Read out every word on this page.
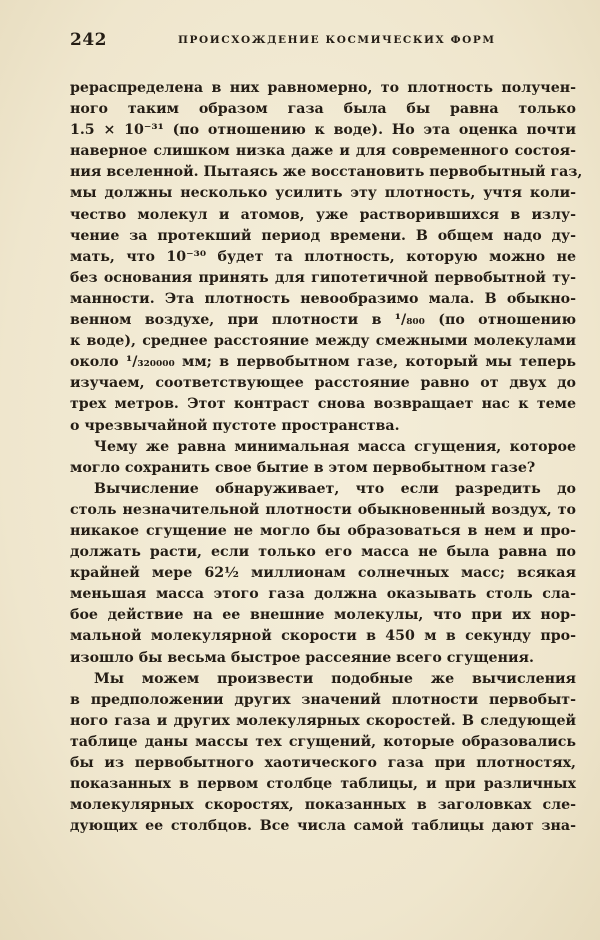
242	ПРОИСХОЖДЕНИЕ КОСМИЧЕСКИХ ФОРМ
рераспределена в них равномерно, то плотность получен-
ного таким образом газа была бы равна только
1.5 × 10⁻³¹ (по отношению к воде). Но эта оценка почти
наверное слишком низка даже и для современного состоя-
ния вселенной. Пытаясь же восстановить первобытный газ,
мы должны несколько усилить эту плотность, учтя коли-
чество молекул и атомов, уже растворившихся в излу-
чение за протекший период времени. В общем надо ду-
мать, что 10⁻³⁰ будет та плотность, которую можно не
без основания принять для гипотетичной первобытной ту-
манности. Эта плотность невообразимо мала. В обыкно-
венном воздухе, при плотности в ¹/₈₀₀ (по отношению
к воде), среднее расстояние между смежными молекулами
около ¹/₃₂₀₀₀₀ мм; в первобытном газе, который мы теперь
изучаем, соответствующее расстояние равно от двух до
трех метров. Этот контраст снова возвращает нас к теме
о чрезвычайной пустоте пространства.
Чему же равна минимальная масса сгущения, которое
могло сохранить свое бытие в этом первобытном газе?
Вычисление обнаруживает, что если разредить до
столь незначительной плотности обыкновенный воздух, то
никакое сгущение не могло бы образоваться в нем и про-
должать расти, если только его масса не была равна по
крайней мере 62½ миллионам солнечных масс; всякая
меньшая масса этого газа должна оказывать столь сла-
бое действие на ее внешние молекулы, что при их нор-
мальной молекулярной скорости в 450 м в секунду про-
изошло бы весьма быстрое рассеяние всего сгущения.
Мы можем произвести подобные же вычисления
в предположении других значений плотности первобыт-
ного газа и других молекулярных скоростей. В следующей
таблице даны массы тех сгущений, которые образовались
бы из первобытного хаотического газа при плотностях,
показанных в первом столбце таблицы, и при различных
молекулярных скоростях, показанных в заголовках сле-
дующих ее столбцов. Все числа самой таблицы дают зна-
